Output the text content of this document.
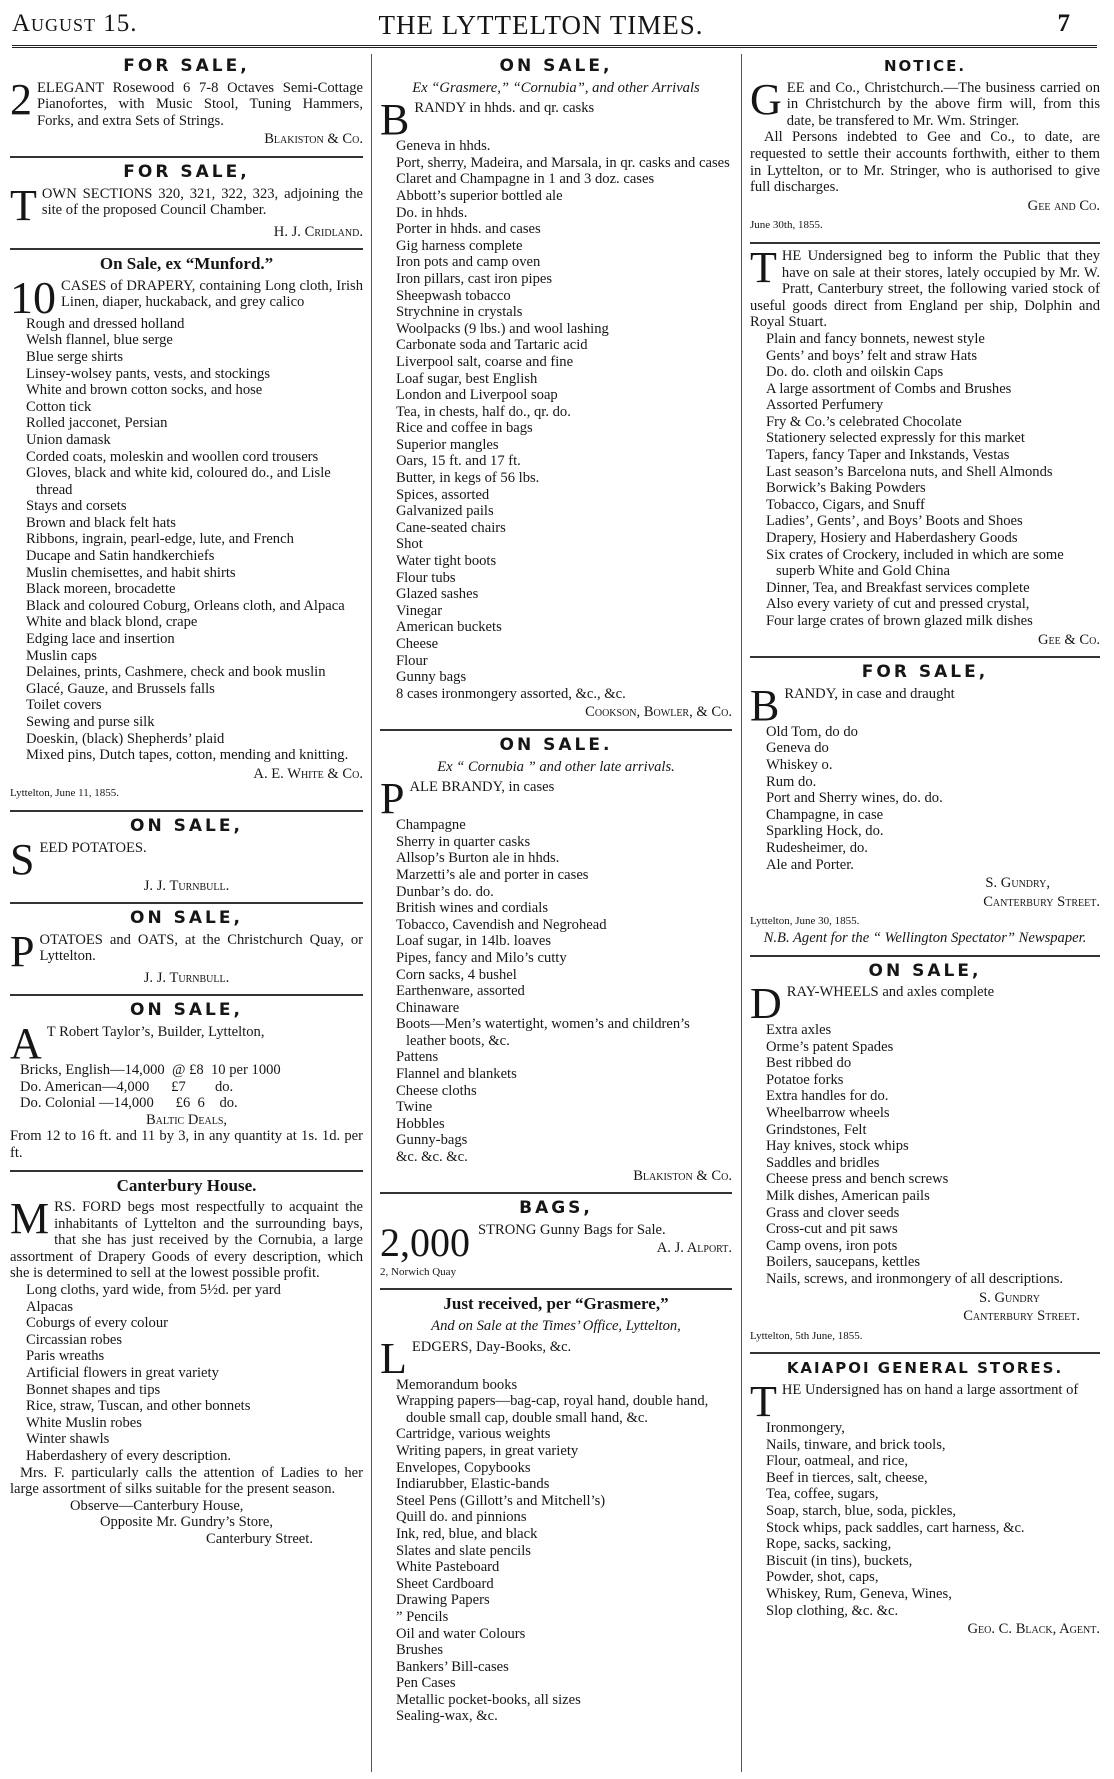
August 15.	THE LYTTELTON TIMES.	7
FOR SALE,
2 ELEGANT Rosewood 6 7-8 Octaves Semi-Cottage Pianofortes, with Music Stool, Tuning Hammers, Forks, and extra Sets of Strings.
Blakiston & Co.
FOR SALE,
TOWN SECTIONS 320, 321, 322, 323, adjoining the site of the proposed Council Chamber.
H. J. Cridland.
On Sale, ex “Munford.”
10 CASES of DRAPERY, containing Long cloth, Irish Linen, diaper, huckaback, and grey calico
Rough and dressed holland
Welsh flannel, blue serge
Blue serge shirts
Linsey-wolsey pants, vests, and stockings
White and brown cotton socks, and hose
Cotton tick
Rolled jacconet, Persian
Union damask
Corded coats, moleskin and woollen cord trousers
Gloves, black and white kid, coloured do., and Lisle thread
Stays and corsets
Brown and black felt hats
Ribbons, ingrain, pearl-edge, lute, and French
Ducape and Satin handkerchiefs
Muslin chemisettes, and habit shirts
Black moreen, brocadette
Black and coloured Coburg, Orleans cloth, and Alpaca
White and black blond, crape
Edging lace and insertion
Muslin caps
Delaines, prints, Cashmere, check and book muslin
Glacé, Gauze, and Brussels falls
Toilet covers
Sewing and purse silk
Doeskin, (black) Shepherds’ plaid
Mixed pins, Dutch tapes, cotton, mending and knitting.
A. E. White & Co.
Lyttelton, June 11, 1855.
ON SALE,
SEED POTATOES.
J. J. Turnbull.
ON SALE,
POTATOES and OATS, at the Christchurch Quay, or Lyttelton.
J. J. Turnbull.
ON SALE,
A T Robert Taylor’s, Builder, Lyttelton,
Bricks, English—14,000  @ £8  10 per 1000
Do. American—4,000      £7        do.
Do. Colonial —14,000      £6  6    do.
Baltic Deals,
From 12 to 16 ft. and 11 by 3, in any quantity at 1s. 1d. per ft.
Canterbury House.
MRS. FORD begs most respectfully to acquaint the inhabitants of Lyttelton and the surrounding bays, that she has just received by the Cornubia, a large assortment of Drapery Goods of every description, which she is determined to sell at the lowest possible profit.
Long cloths, yard wide, from 5½d. per yard
Alpacas
Coburgs of every colour
Circassian robes
Paris wreaths
Artificial flowers in great variety
Bonnet shapes and tips
Rice, straw, Tuscan, and other bonnets
White Muslin robes
Winter shawls
Haberdashery of every description.
Mrs. F. particularly calls the attention of Ladies to her large assortment of silks suitable for the present season.
Observe—Canterbury House,
Opposite Mr. Gundry’s Store,
Canterbury Street.
ON SALE,
Ex “Grasmere,” “Cornubia”, and other Arrivals
BRANDY in hhds. and qr. casks
Geneva in hhds.
Port, sherry, Madeira, and Marsala, in qr. casks and cases
Claret and Champagne in 1 and 3 doz. cases
Abbott’s superior bottled ale
Do. in hhds.
Porter in hhds. and cases
Gig harness complete
Iron pots and camp oven
Iron pillars, cast iron pipes
Sheepwash tobacco
Strychnine in crystals
Woolpacks (9 lbs.) and wool lashing
Carbonate soda and Tartaric acid
Liverpool salt, coarse and fine
Loaf sugar, best English
London and Liverpool soap
Tea, in chests, half do., qr. do.
Rice and coffee in bags
Superior mangles
Oars, 15 ft. and 17 ft.
Butter, in kegs of 56 lbs.
Spices, assorted
Galvanized pails
Cane-seated chairs
Shot
Water tight boots
Flour tubs
Glazed sashes
Vinegar
American buckets
Cheese
Flour
Gunny bags
8 cases ironmongery assorted, &c., &c.
Cookson, Bowler, & Co.
ON SALE.
Ex “ Cornubia ” and other late arrivals.
PALE BRANDY, in cases
Champagne
Sherry in quarter casks
Allsop’s Burton ale in hhds.
Marzetti’s ale and porter in cases
Dunbar’s do. do.
British wines and cordials
Tobacco, Cavendish and Negrohead
Loaf sugar, in 14lb. loaves
Pipes, fancy and Milo’s cutty
Corn sacks, 4 bushel
Earthenware, assorted
Chinaware
Boots—Men’s watertight, women’s and children’s leather boots, &c.
Pattens
Flannel and blankets
Cheese cloths
Twine
Hobbles
Gunny-bags
&c. &c. &c.
Blakiston & Co.
BAGS,
2,000 STRONG Gunny Bags for Sale.
A. J. Alport.
2, Norwich Quay
Just received, per “Grasmere,”
And on Sale at the Times’ Office, Lyttelton,
LEDGERS, Day-Books, &c.
Memorandum books
Wrapping papers—bag-cap, royal hand, double hand, double small cap, double small hand, &c.
Cartridge, various weights
Writing papers, in great variety
Envelopes, Copybooks
Indiarubber, Elastic-bands
Steel Pens (Gillott’s and Mitchell’s)
Quill do. and pinnions
Ink, red, blue, and black
Slates and slate pencils
White Pasteboard
Sheet Cardboard
Drawing Papers
” Pencils
Oil and water Colours
Brushes
Bankers’ Bill-cases
Pen Cases
Metallic pocket-books, all sizes
Sealing-wax, &c.
NOTICE.
GEE and Co., Christchurch.—The business carried on in Christchurch by the above firm will, from this date, be transfered to Mr. Wm. Stringer.
All Persons indebted to Gee and Co., to date, are requested to settle their accounts forthwith, either to them in Lyttelton, or to Mr. Stringer, who is authorised to give full discharges.
Gee and Co.
June 30th, 1855.
THE Undersigned beg to inform the Public that they have on sale at their stores, lately occupied by Mr. W. Pratt, Canterbury street, the following varied stock of useful goods direct from England per ship, Dolphin and Royal Stuart.
Plain and fancy bonnets, newest style
Gents’ and boys’ felt and straw Hats
Do. do. cloth and oilskin Caps
A large assortment of Combs and Brushes
Assorted Perfumery
Fry & Co.’s celebrated Chocolate
Stationery selected expressly for this market
Tapers, fancy Taper and Inkstands, Vestas
Last season’s Barcelona nuts, and Shell Almonds
Borwick’s Baking Powders
Tobacco, Cigars, and Snuff
Ladies’, Gents’, and Boys’ Boots and Shoes
Drapery, Hosiery and Haberdashery Goods
Six crates of Crockery, included in which are some superb White and Gold China
Dinner, Tea, and Breakfast services complete
Also every variety of cut and pressed crystal,
Four large crates of brown glazed milk dishes
Gee & Co.
FOR SALE,
BRANDY, in case and draught
Old Tom, do do
Geneva do
Whiskey o.
Rum do.
Port and Sherry wines, do. do.
Champagne, in case
Sparkling Hock, do.
Rudesheimer, do.
Ale and Porter.
S. Gundry,
Canterbury Street.
Lyttelton, June 30, 1855.
N.B. Agent for the “ Wellington Spectator” Newspaper.
ON SALE,
DRAY-WHEELS and axles complete
Extra axles
Orme’s patent Spades
Best ribbed do
Potatoe forks
Extra handles for do.
Wheelbarrow wheels
Grindstones, Felt
Hay knives, stock whips
Saddles and bridles
Cheese press and bench screws
Milk dishes, American pails
Grass and clover seeds
Cross-cut and pit saws
Camp ovens, iron pots
Boilers, saucepans, kettles
Nails, screws, and ironmongery of all descriptions.
S. Gundry
Canterbury Street.
Lyttelton, 5th June, 1855.
KAIAPOI GENERAL STORES.
THE Undersigned has on hand a large assortment of
Ironmongery,
Nails, tinware, and brick tools,
Flour, oatmeal, and rice,
Beef in tierces, salt, cheese,
Tea, coffee, sugars,
Soap, starch, blue, soda, pickles,
Stock whips, pack saddles, cart harness, &c.
Rope, sacks, sacking,
Biscuit (in tins), buckets,
Powder, shot, caps,
Whiskey, Rum, Geneva, Wines,
Slop clothing, &c. &c.
Geo. C. Black, Agent.
